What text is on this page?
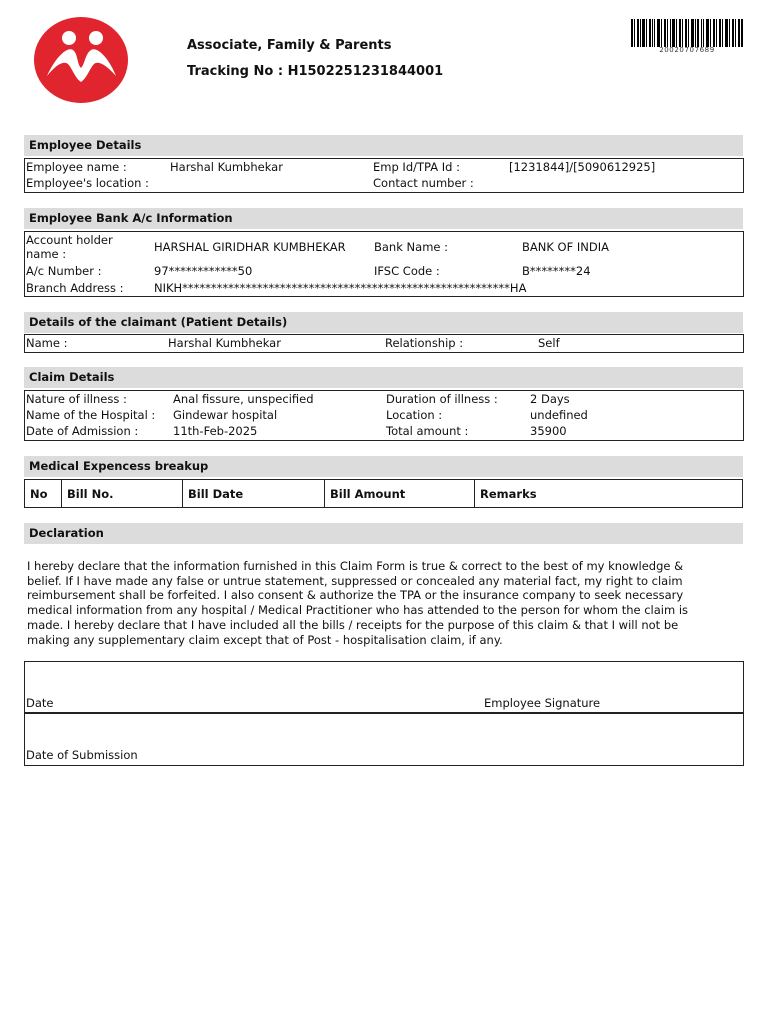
Associate, Family & Parents
Tracking No : H1502251231844001
20020707689
Employee Details
Employee name :	Harshal Kumbhekar	Emp Id/TPA Id :	[1231844]/[5090612925]
Employee's location :	Contact number :
Employee Bank A/c Information
Account holder
name :	HARSHAL GIRIDHAR KUMBHEKAR Bank Name :	BANK OF INDIA
A/c Number :	97************50	IFSC Code :	B********24
Branch Address :	NIKH*********************************************************HA
Details of the claimant (Patient Details)
Name :	Harshal Kumbhekar	Relationship :	Self
Claim Details
Nature of illness :	Anal fissure, unspecified	Duration of illness :	2 Days
Name of the Hospital : Gindewar hospital	Location :	undefined
Date of Admission :	11th-Feb-2025	Total amount :	35900
Medical Expencess breakup
No	Bill No.	Bill Date	Bill Amount	Remarks
Declaration
I hereby declare that the information furnished in this Claim Form is true & correct to the best of my knowledge & belief. If I have made any false or untrue statement, suppressed or concealed any material fact, my right to claim reimbursement shall be forfeited. I also consent & authorize the TPA or the insurance company to seek necessary medical information from any hospital / Medical Practitioner who has attended to the person for whom the claim is made. I hereby declare that I have included all the bills / receipts for the purpose of this claim & that I will not be making any supplementary claim except that of Post - hospitalisation claim, if any.
Date	Employee Signature
Date of Submission
